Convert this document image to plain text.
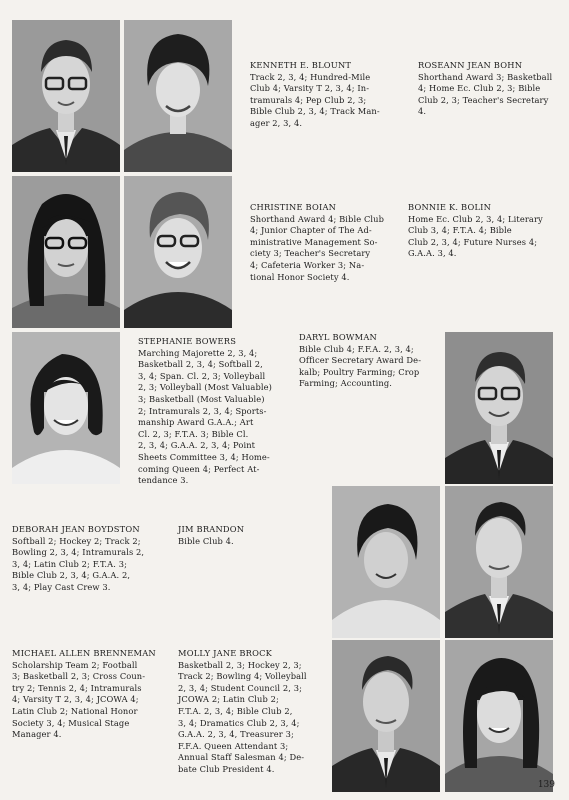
KENNETH E. BLOUNT
Track 2, 3, 4; Hundred-Mile
Club 4; Varsity T 2, 3, 4; In-
tramurals 4; Pep Club 2, 3;
Bible Club 2, 3, 4; Track Man-
ager 2, 3, 4.
ROSEANN JEAN BOHN
Shorthand Award 3; Basketball
4; Home Ec. Club 2, 3; Bible
Club 2, 3; Teacher's Secretary
4.
CHRISTINE BOIAN
Shorthand Award 4; Bible Club
4; Junior Chapter of The Ad-
ministrative Management So-
ciety 3; Teacher's Secretary
4; Cafeteria Worker 3; Na-
tional Honor Society 4.
BONNIE K. BOLIN
Home Ec. Club 2, 3, 4; Literary
Club 3, 4; F.T.A. 4; Bible
Club 2, 3, 4; Future Nurses 4;
G.A.A. 3, 4.
STEPHANIE BOWERS
Marching Majorette 2, 3, 4;
Basketball 2, 3, 4; Softball 2,
3, 4; Span. Cl. 2, 3; Volleyball
2, 3; Volleyball (Most Valuable)
3; Basketball (Most Valuable)
2; Intramurals 2, 3, 4; Sports-
manship Award G.A.A.; Art
Cl. 2, 3; F.T.A. 3; Bible Cl.
2, 3, 4; G.A.A. 2, 3, 4; Point
Sheets Committee 3, 4; Home-
coming Queen 4; Perfect At-
tendance 3.
DARYL BOWMAN
Bible Club 4; F.F.A. 2, 3, 4;
Officer Secretary Award De-
kalb; Poultry Farming; Crop
Farming; Accounting.
DEBORAH JEAN BOYDSTON
Softball 2; Hockey 2; Track 2;
Bowling 2, 3, 4; Intramurals 2,
3, 4; Latin Club 2; F.T.A. 3;
Bible Club 2, 3, 4; G.A.A. 2,
3, 4; Play Cast Crew 3.
JIM BRANDON
Bible Club 4.
MICHAEL ALLEN BRENNEMAN
Scholarship Team 2; Football
3; Basketball 2, 3; Cross Coun-
try 2; Tennis 2, 4; Intramurals
4; Varsity T 2, 3, 4; JCOWA 4;
Latin Club 2; National Honor
Society 3, 4; Musical Stage
Manager 4.
MOLLY JANE BROCK
Basketball 2, 3; Hockey 2, 3;
Track 2; Bowling 4; Volleyball
2, 3, 4; Student Council 2, 3;
JCOWA 2; Latin Club 2;
F.T.A. 2, 3, 4; Bible Club 2,
3, 4; Dramatics Club 2, 3, 4;
G.A.A. 2, 3, 4, Treasurer 3;
F.F.A. Queen Attendant 3;
Annual Staff Salesman 4; De-
bate Club President 4.
139
